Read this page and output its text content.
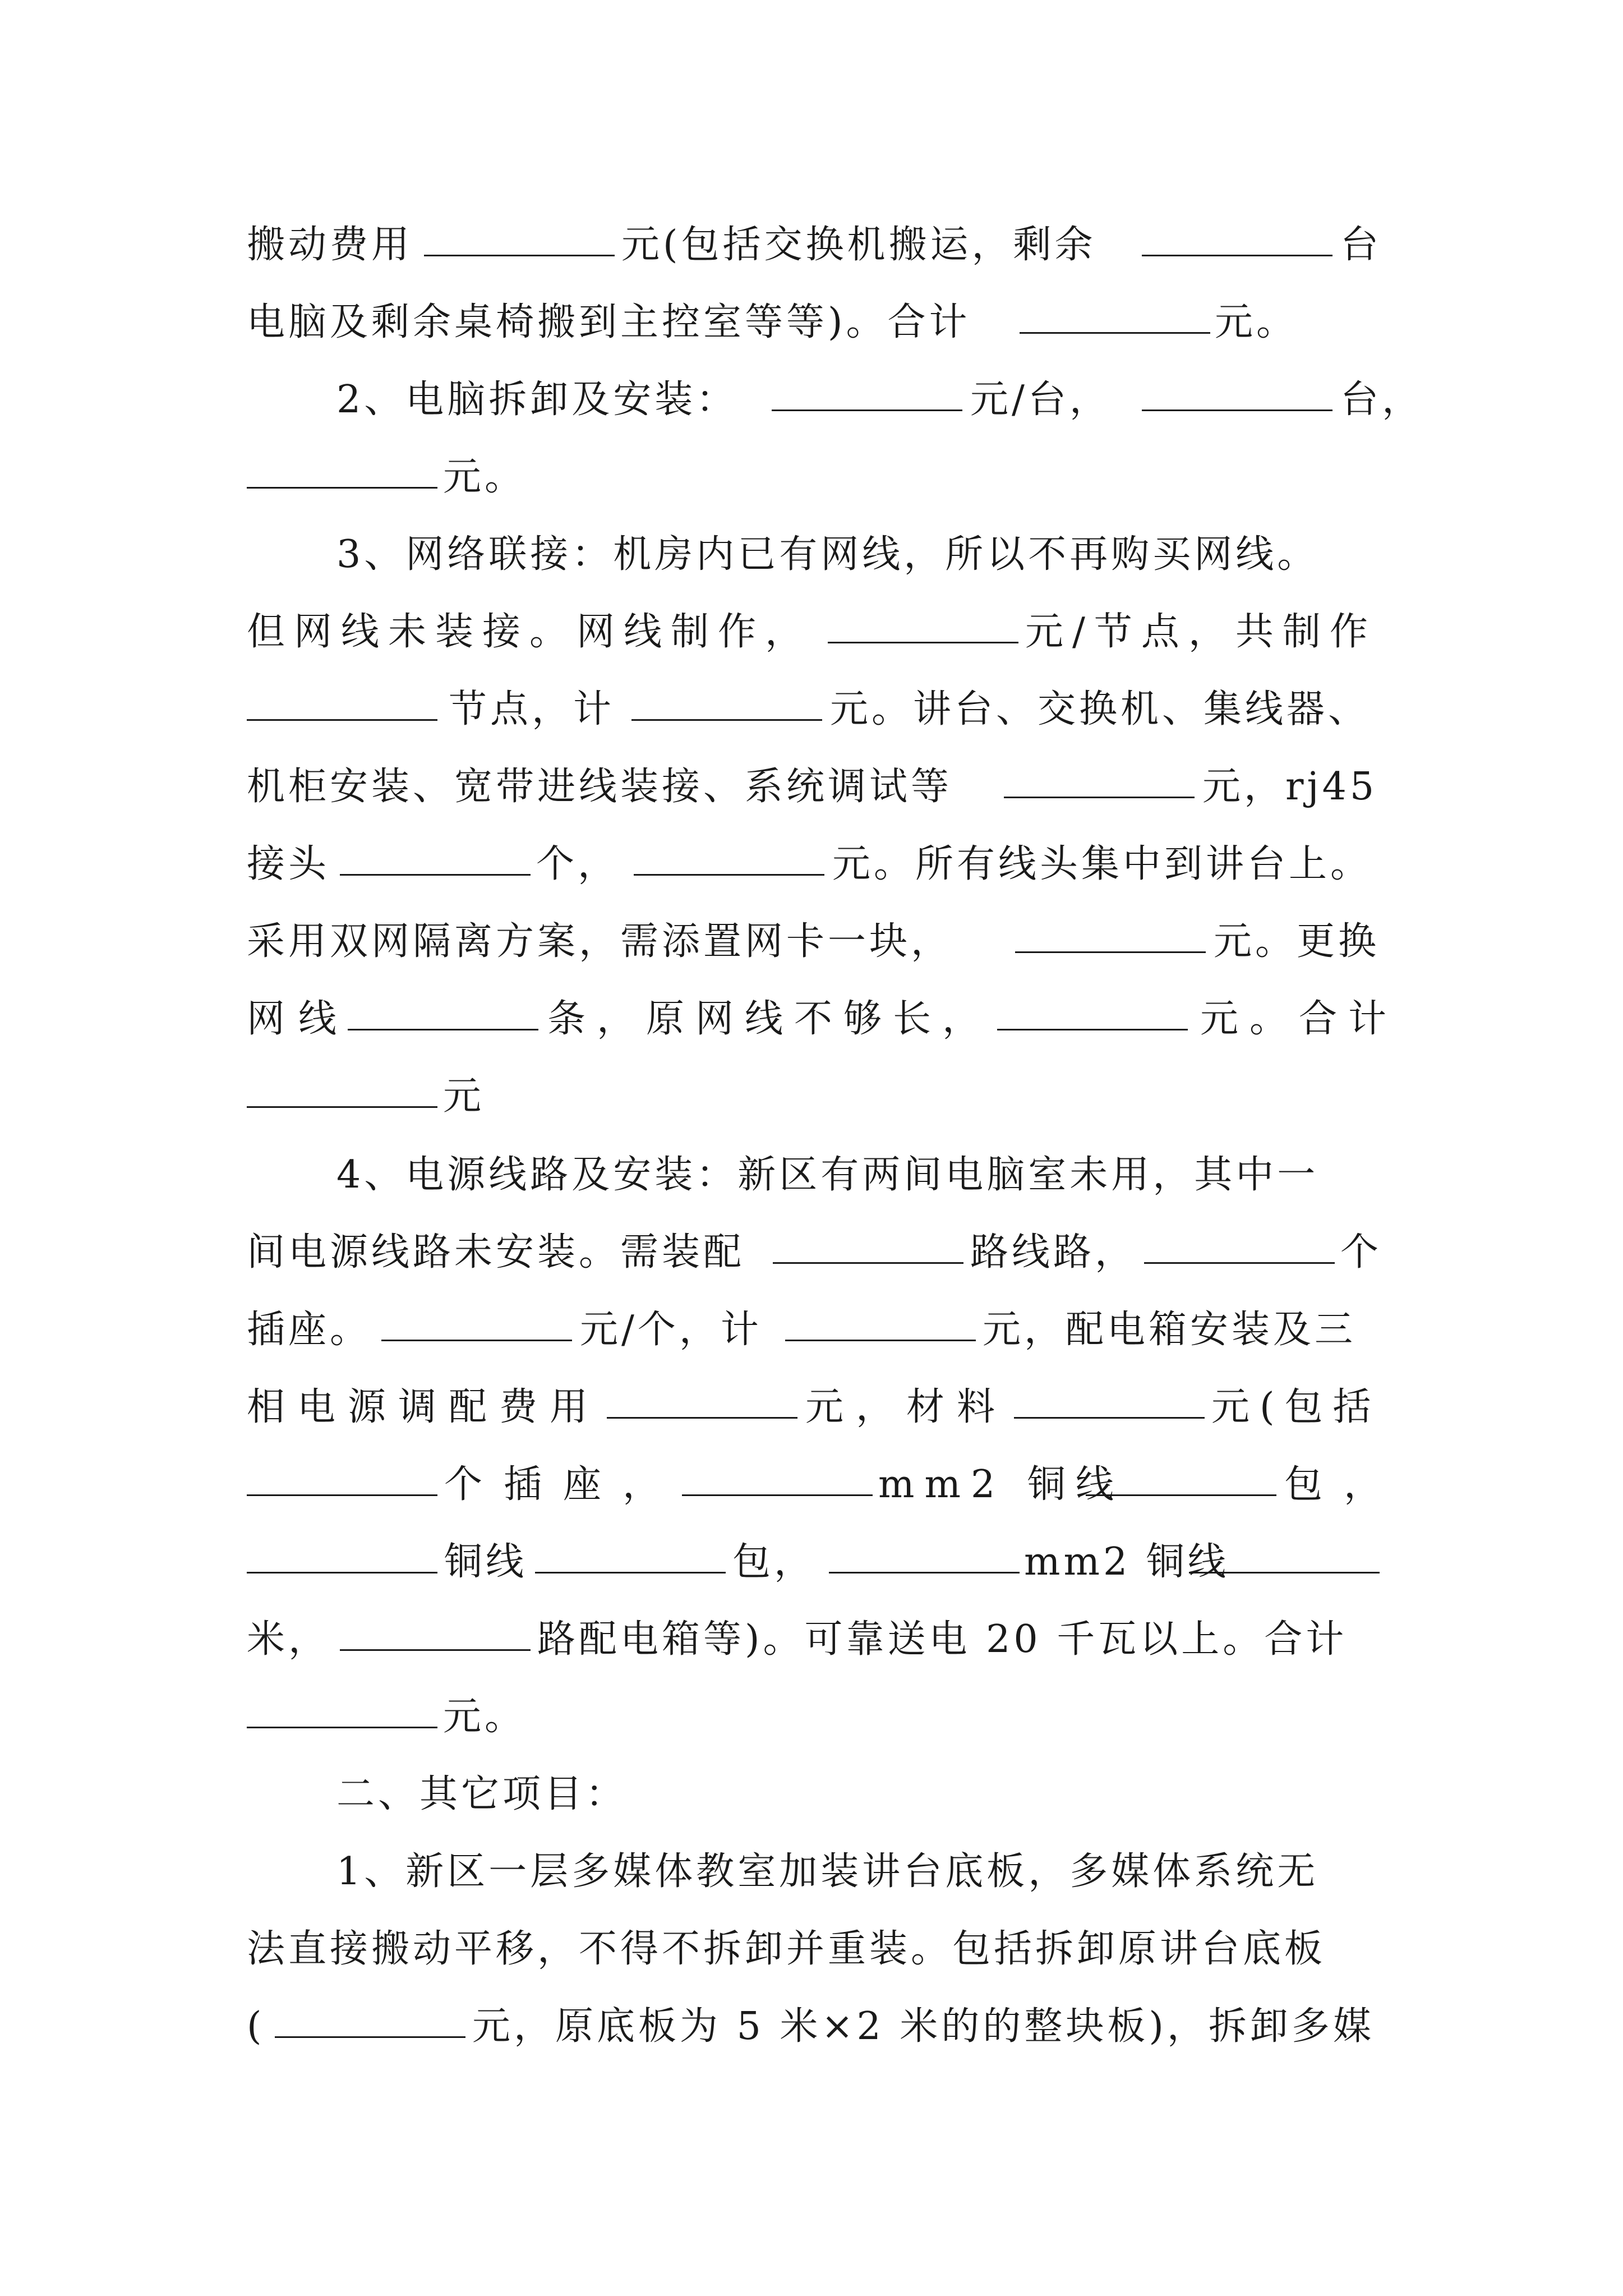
搬动费用	元(包括交换机搬运，剩余	台
电脑及剩余桌椅搬到主控室等等)。合计	元。
2、电脑拆卸及安装：	元/台，	台，
元。
3、网络联接：机房内已有网线，所以不再购买网线。
但网线未装接。网线制作，	元/节点，共制作
节点，计	元。讲台、交换机、集线器、
机柜安装、宽带进线装接、系统调试等	元，rj45
接头	个，	元。所有线头集中到讲台上。
采用双网隔离方案，需添置网卡一块，	元。更换
网线	条，原网线不够长，	元。合计
元
4、电源线路及安装：新区有两间电脑室未用，其中一
间电源线路未安装。需装配	路线路，	个
插座。	元/个，计	元，配电箱安装及三
相电源调配费用	元，材料	元(包括
个插座，	mm2 铜线	包，
铜线	包，	mm2 铜线
米，	路配电箱等)。可靠送电 20 千瓦以上。合计
元。
二、其它项目：
1、新区一层多媒体教室加装讲台底板，多媒体系统无
法直接搬动平移，不得不拆卸并重装。包括拆卸原讲台底板
(	元，原底板为 5 米×2 米的的整块板)，拆卸多媒
